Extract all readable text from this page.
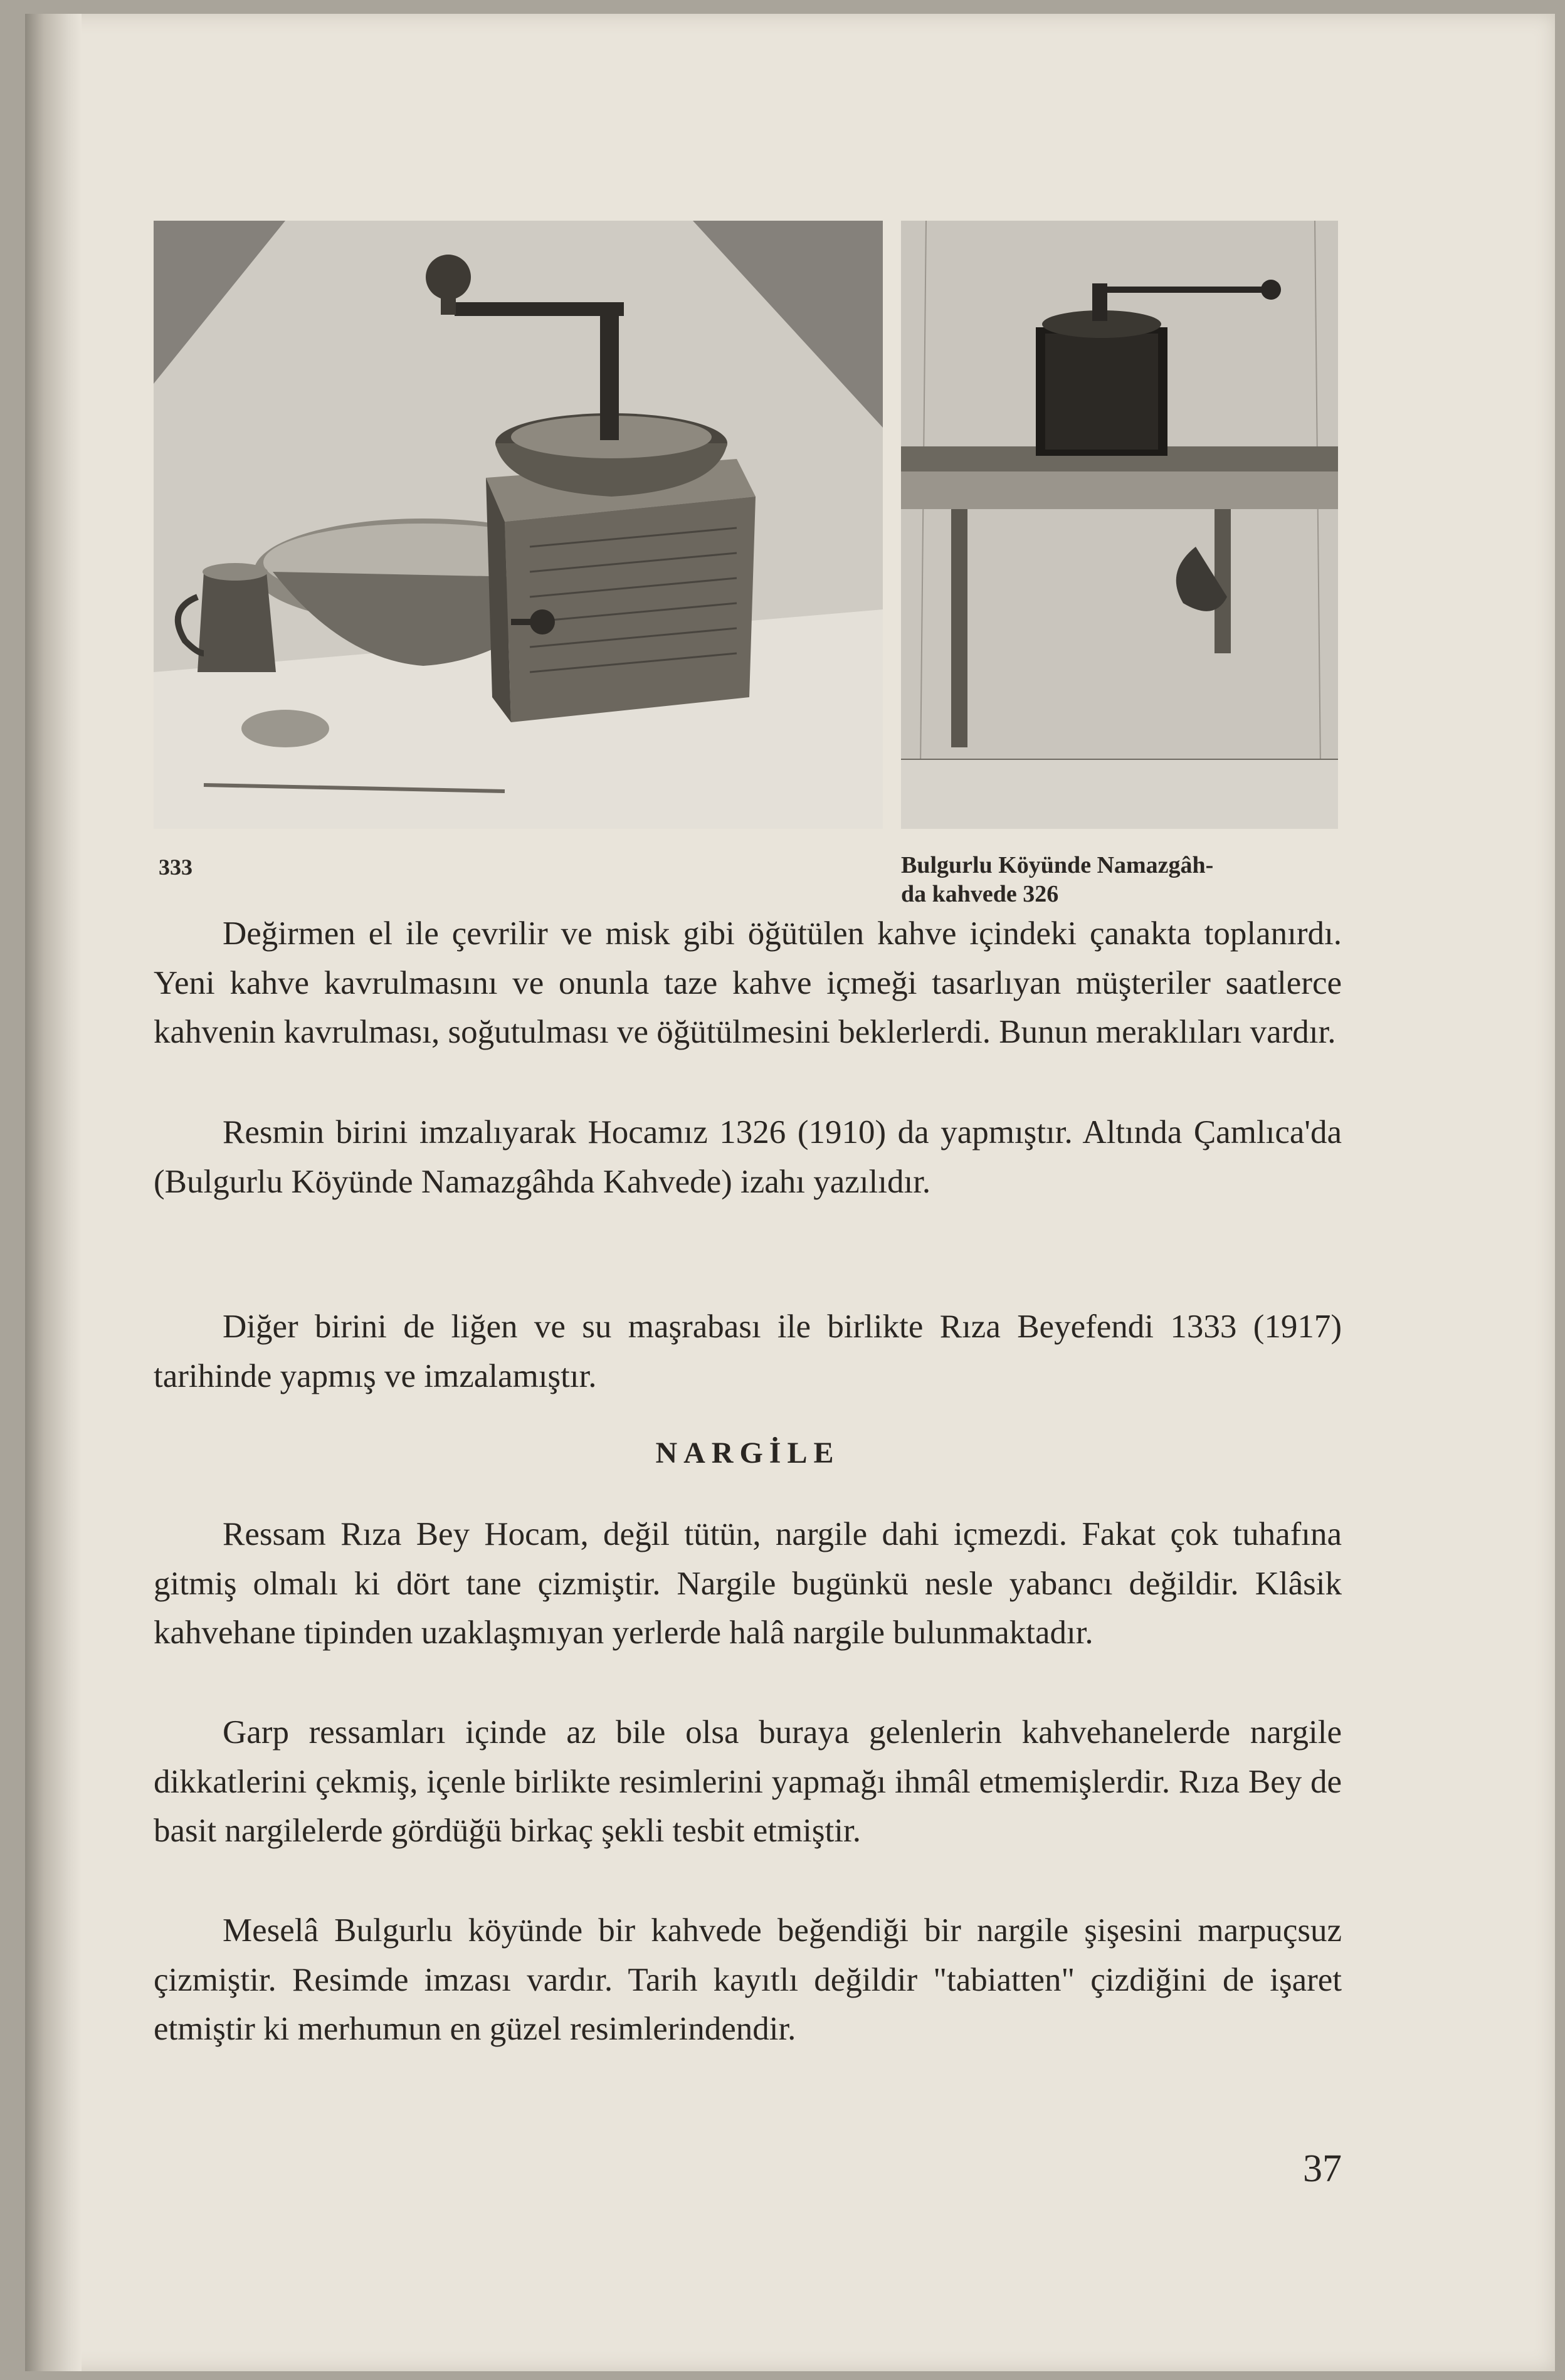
333	Bulgurlu Köyünde Namazgâh-
da kahvede 326

Değirmen el ile çevrilir ve misk gibi öğütülen kahve içindeki çanakta toplanırdı. Yeni kahve kavrulmasını ve onunla taze kahve içmeği tasarlıyan müşteriler saatlerce kahvenin kavrulması, soğutulması ve öğütülmesini beklerlerdi. Bunun meraklıları vardır.

Resmin birini imzalıyarak Hocamız 1326 (1910) da yapmıştır. Altında Çamlıca'da (Bulgurlu Köyünde Namazgâhda Kahvede) izahı yazılıdır.

Diğer birini de liğen ve su maşrabası ile birlikte Rıza Beyefendi 1333 (1917) tarihinde yapmış ve imzalamıştır.

NARGİLE

Ressam Rıza Bey Hocam, değil tütün, nargile dahi içmezdi. Fakat çok tuhafına gitmiş olmalı ki dört tane çizmiştir. Nargile bugünkü nesle yabancı değildir. Klâsik kahvehane tipinden uzaklaşmıyan yerlerde halâ nargile bulunmaktadır.

Garp ressamları içinde az bile olsa buraya gelenlerin kahvehanelerde nargile dikkatlerini çekmiş, içenle birlikte resimlerini yapmağı ihmâl etmemişlerdir. Rıza Bey de basit nargilelerde gördüğü birkaç şekli tesbit etmiştir.

Meselâ Bulgurlu köyünde bir kahvede beğendiği bir nargile şişesini marpuçsuz çizmiştir. Resimde imzası vardır. Tarih kayıtlı değildir "tabiatten" çizdiğini de işaret etmiştir ki merhumun en güzel resimlerindendir.

37
